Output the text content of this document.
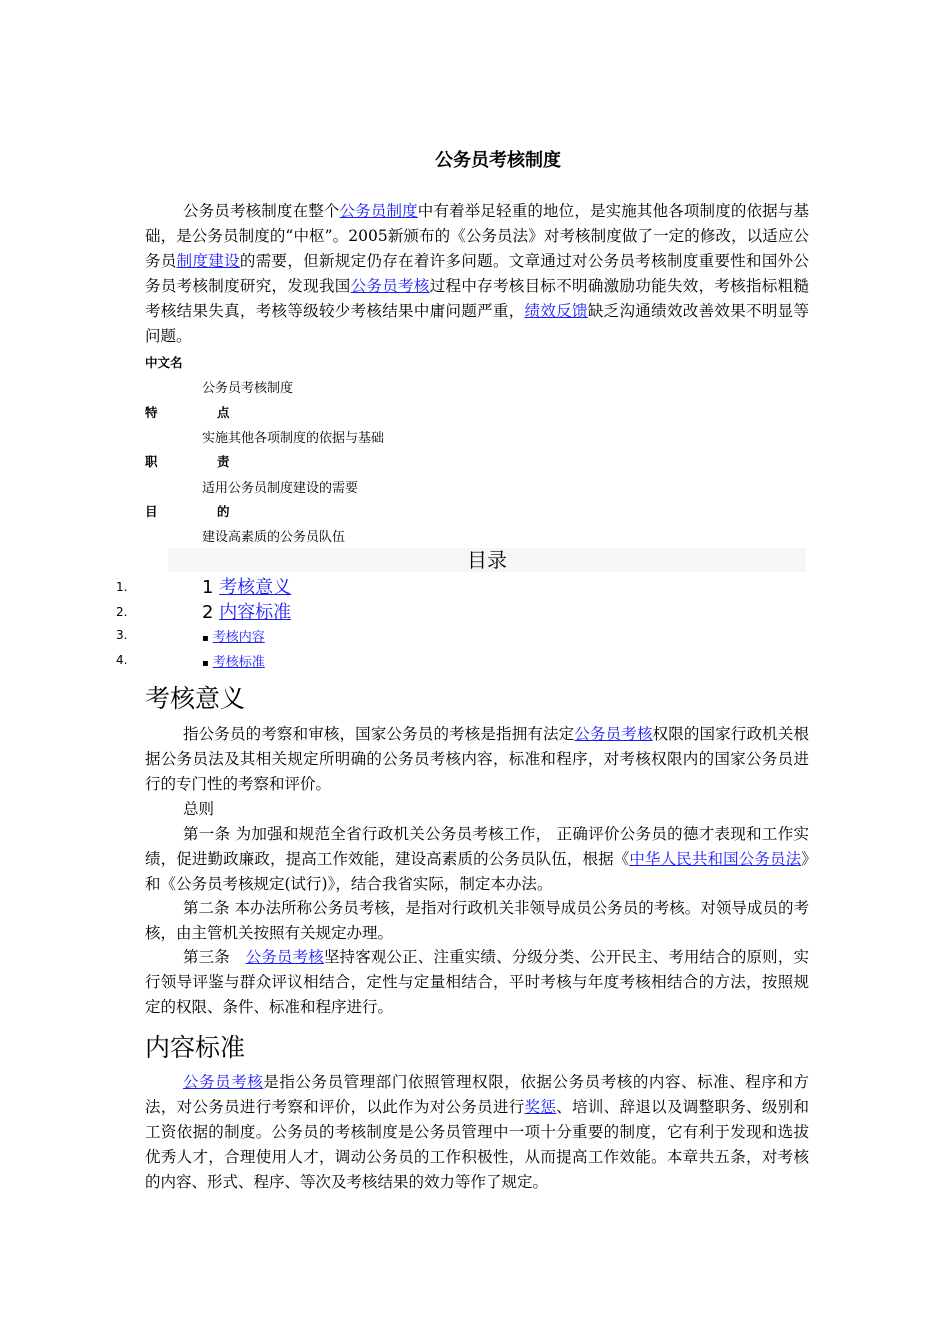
公务员考核制度
公务员考核制度在整个公务员制度中有着举足轻重的地位，是实施其他各项制度的依据与基础，是公务员制度的“中枢”。2005新颁布的《公务员法》对考核制度做了一定的修改，以适应公务员制度建设的需要，但新规定仍存在着许多问题。文章通过对公务员考核制度重要性和国外公务员考核制度研究，发现我国公务员考核过程中存考核目标不明确激励功能失效，考核指标粗糙考核结果失真，考核等级较少考核结果中庸问题严重，绩效反馈缺乏沟通绩效改善效果不明显等问题。
中文名
公务员考核制度
特	点
实施其他各项制度的依据与基础
职	责
适用公务员制度建设的需要
目	的
建设高素质的公务员队伍
目录
1.	1 考核意义
2.	2 内容标准
3.	▪ 考核内容
4.	▪ 考核标准
考核意义
指公务员的考察和审核，国家公务员的考核是指拥有法定公务员考核权限的国家行政机关根据公务员法及其相关规定所明确的公务员考核内容，标准和程序，对考核权限内的国家公务员进行的专门性的考察和评价。
总则
第一条 为加强和规范全省行政机关公务员考核工作， 正确评价公务员的德才表现和工作实绩，促进勤政廉政，提高工作效能，建设高素质的公务员队伍，根据《中华人民共和国公务员法》和《公务员考核规定(试行)》，结合我省实际，制定本办法。
第二条 本办法所称公务员考核，是指对行政机关非领导成员公务员的考核。对领导成员的考核，由主管机关按照有关规定办理。
第三条　公务员考核坚持客观公正、注重实绩、分级分类、公开民主、考用结合的原则，实行领导评鉴与群众评议相结合，定性与定量相结合，平时考核与年度考核相结合的方法，按照规定的权限、条件、标准和程序进行。
内容标准
公务员考核是指公务员管理部门依照管理权限，依据公务员考核的内容、标准、程序和方法，对公务员进行考察和评价，以此作为对公务员进行奖惩、培训、辞退以及调整职务、级别和工资依据的制度。公务员的考核制度是公务员管理中一项十分重要的制度，它有利于发现和选拔优秀人才，合理使用人才，调动公务员的工作积极性，从而提高工作效能。本章共五条，对考核的内容、形式、程序、等次及考核结果的效力等作了规定。
